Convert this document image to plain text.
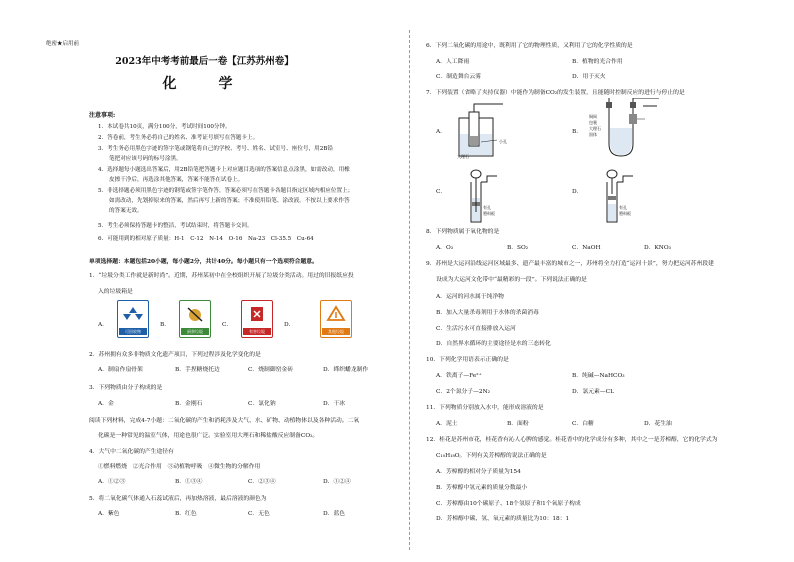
绝密★启用前
2023年中考考前最后一卷【江苏苏州卷】
化　学
注意事项:
1．本试卷共10页，满分100分，考试时间100分钟。
2．答卷前，考生务必将自己的姓名、准考证号填写在答题卡上。
3．考生务必用黑色字迹的签字笔或钢笔将自己的学校、考号、姓名、试室号、座位号，用2B铅
笔把对应该号码的标号涂黑。
4．选择题每小题选出答案后，用2B铅笔把答题卡上对应题目选项的答案信息点涂黑，如需改动，用橡
皮擦干净后，再选涂其他答案，答案不能答在试卷上。
5．非选择题必须用黑色字迹的钢笔或签字笔作答，答案必须写在答题卡各题目指定区域内相应位置上；
如需改动，先划掉原来的答案，然后再写上新的答案；不准使用铅笔、涂改液。不按以上要求作答
的答案无效。
5．考生必须保持答题卡的整洁，考试结束时，将答题卡交回。
6．可能用到的相对原子质量：H-1　C-12　N-14　O-16　Na-23　Cl-35.5　Cu-64
单项选择题：本题包括20小题，每小题2分，共计40分。每小题只有一个选项符合题意。
1．“垃圾分类工作就是新时尚”。近期，苏州某初中在全校组织开展了垃圾分类活动。用过的旧报纸应投
入的垃圾箱是
A．
可回收物
B．
厨余垃圾
C．
有害垃圾
D．
其他垃圾
2．苏州拥有众多非物质文化遗产项目，下列过程涉及化学变化的是
A．制扇作扇骨架	B．手捏糖烧托边	C．烧制御窑金砖	D．缂织蟠龙制作
3．下列物质由分子构成的是
A．金	B．金刚石	C．氯化钠	D．干冰
阅读下列材料，完成4-7小题：二氧化碳的产生和消耗涉及大气、水、矿物、动植物体以及各种活动。二氧
化碳是一种常见的温室气体，用途也很广泛。实验室用大理石和稀盐酸反应制备CO₂。
4．大气中二氧化碳的产生途径有
①燃料燃烧　②光合作用　③动植物呼吸　④微生物的分解作用
A．①②③	B．①③④	C．②③④	D．①②④
5．将二氧化碳气体通入石蕊试液后，再加热溶液，最后溶液的颜色为
A．紫色	B．红色	C．无色	D．蓝色
6．下列二氧化碳的用途中，既利用了它的物理性质，又利用了它的化学性质的是
A．人工降雨	B．植物的光合作用
C．制造舞台云雾	D．用于灭火
7．下列装置（省略了夹持仪器）中能作为制备CO₂的发生装置，且能随时控制反应的进行与停止的是
A．
大理石
小孔
B．
铜网
包裹
大理石
固体
C．
有孔
塑料板
D．
有孔
塑料板
8．下列物质属于氧化物的是
A．O₃	B．SO₂	C．NaOH	D．KNO₃
9．苏州是大运河沿线运河区域最多、遗产最丰富的城市之一，苏州将全力打造“运河十景”，努力把运河苏州段建
设成为大运河文化带中“最精彩的一段”。下列说法正确的是
A．运河的河水属于纯净物
B．加入大量杀毒剂用于水体的杀菌消毒
C．生活污水可直接排放入运河
D．自然界水循环的主要途径是水的三态转化
10．下列化学用语表示正确的是
A．铁离子—Fe²⁺	B．纯碱—NaHCO₃
C．2个氮分子—2N₂	D．氯元素—CL
11．下列物质分别放入水中，能形成溶液的是
A．泥土	B．面粉	C．白糖	D．花生油
12．桂花是苏州市花，桂花香有沁人心脾的感觉。桂花香中的化学成分有多种，其中之一是芳樟醇，它的化学式为
C₁₀H₁₈O。下列有关芳樟醇的说法正确的是
A．芳樟醇的相对分子质量为154
B．芳樟醇中氢元素的质量分数最小
C．芳樟醇由10个碳原子、18个氢原子和1个氧原子构成
D．芳樟醇中碳、氢、氧元素的质量比为10：18：1
